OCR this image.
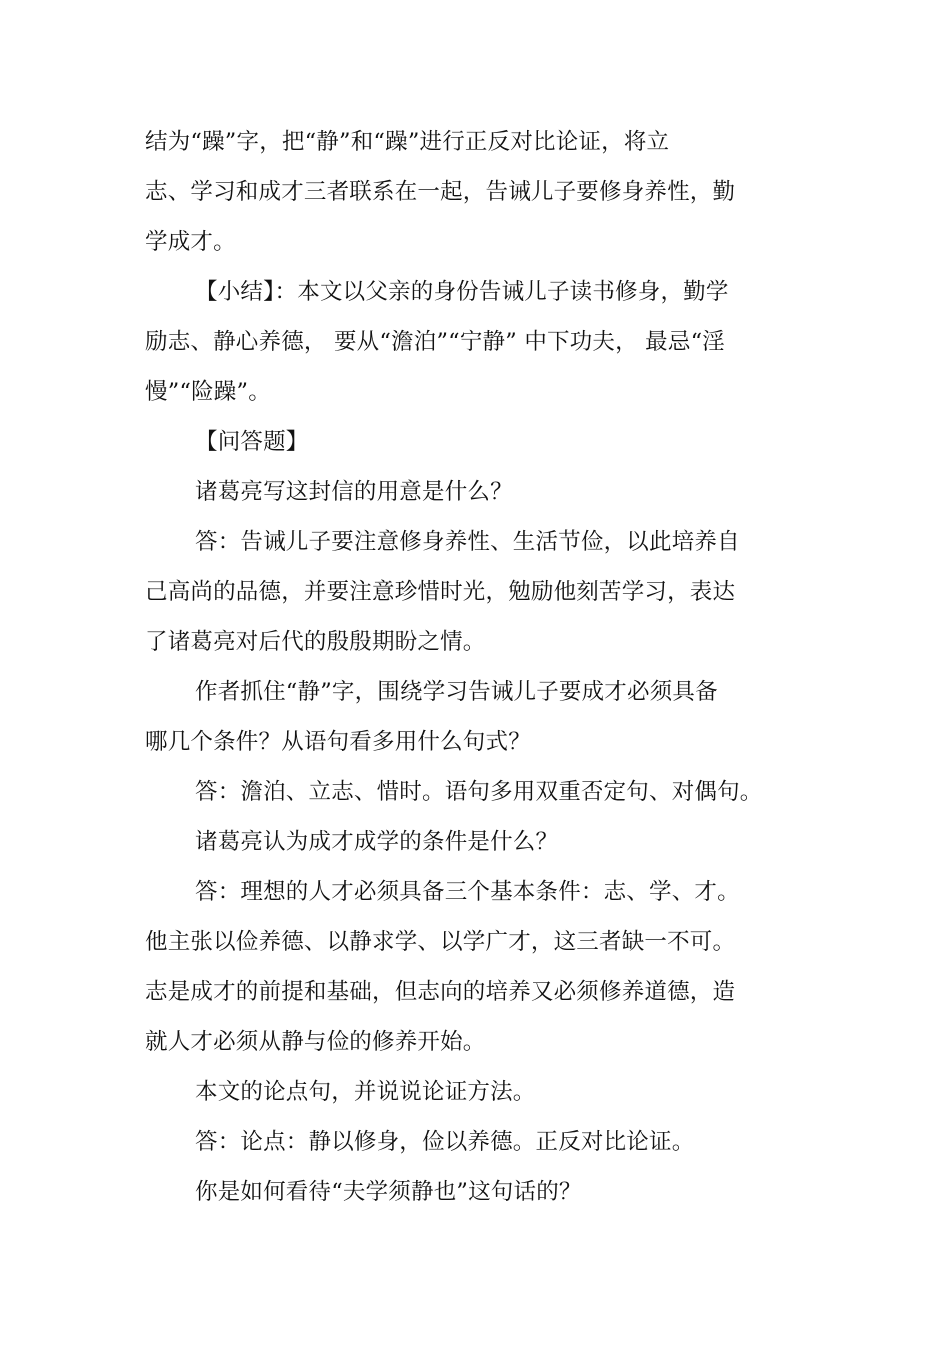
结为“躁”字，把“静”和“躁”进行正反对比论证，将立
志、学习和成才三者联系在一起，告诫儿子要修身养性，勤
学成才。
【小结】：本文以父亲的身份告诫儿子读书修身，勤学
励志、静心养德， 要从“澹泊”“宁静” 中下功夫， 最忌“淫
慢”“险躁”。
【问答题】
诸葛亮写这封信的用意是什么？
答：告诫儿子要注意修身养性、生活节俭，以此培养自
己高尚的品德，并要注意珍惜时光，勉励他刻苦学习，表达
了诸葛亮对后代的殷殷期盼之情。
作者抓住“静”字，围绕学习告诫儿子要成才必须具备
哪几个条件？从语句看多用什么句式？
答：澹泊、立志、惜时。语句多用双重否定句、对偶句。
诸葛亮认为成才成学的条件是什么？
答：理想的人才必须具备三个基本条件：志、学、才。
他主张以俭养德、以静求学、以学广才，这三者缺一不可。
志是成才的前提和基础，但志向的培养又必须修养道德，造
就人才必须从静与俭的修养开始。
本文的论点句，并说说论证方法。
答：论点：静以修身，俭以养德。正反对比论证。
你是如何看待“夫学须静也”这句话的？
